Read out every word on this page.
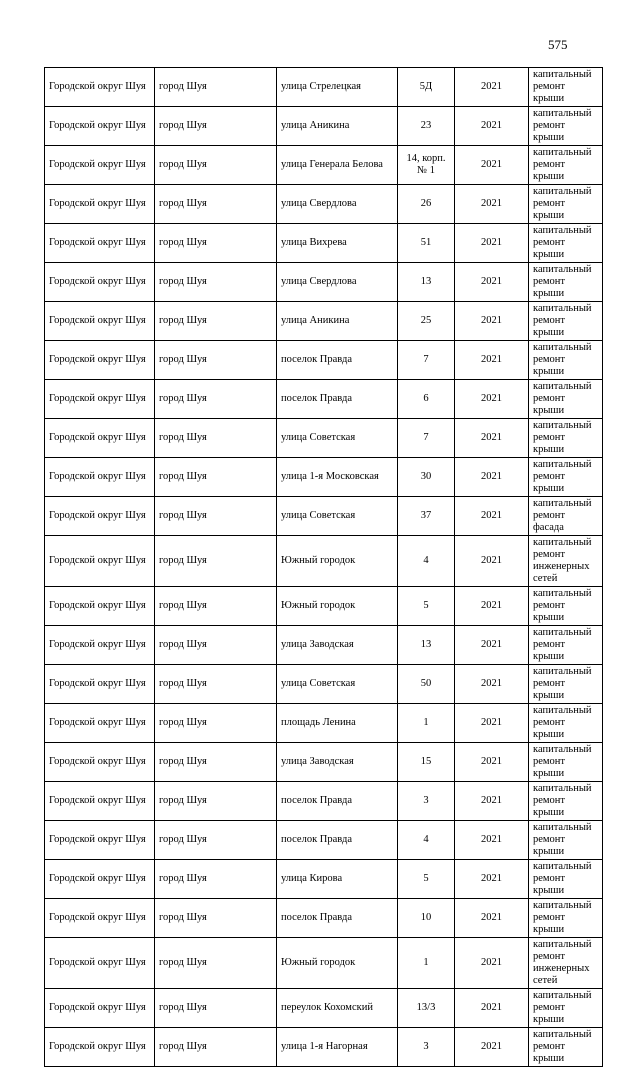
575
Городской округ Шуя	город Шуя	улица Стрелецкая	5Д	2021	капитальный ремонт крыши
Городской округ Шуя	город Шуя	улица Аникина	23	2021	капитальный ремонт крыши
Городской округ Шуя	город Шуя	улица Генерала Белова	14, корп. № 1	2021	капитальный ремонт крыши
Городской округ Шуя	город Шуя	улица Свердлова	26	2021	капитальный ремонт крыши
Городской округ Шуя	город Шуя	улица Вихрева	51	2021	капитальный ремонт крыши
Городской округ Шуя	город Шуя	улица Свердлова	13	2021	капитальный ремонт крыши
Городской округ Шуя	город Шуя	улица Аникина	25	2021	капитальный ремонт крыши
Городской округ Шуя	город Шуя	поселок Правда	7	2021	капитальный ремонт крыши
Городской округ Шуя	город Шуя	поселок Правда	6	2021	капитальный ремонт крыши
Городской округ Шуя	город Шуя	улица Советская	7	2021	капитальный ремонт крыши
Городской округ Шуя	город Шуя	улица 1-я Московская	30	2021	капитальный ремонт крыши
Городской округ Шуя	город Шуя	улица Советская	37	2021	капитальный ремонт фасада
Городской округ Шуя	город Шуя	Южный городок	4	2021	капитальный ремонт инженерных сетей
Городской округ Шуя	город Шуя	Южный городок	5	2021	капитальный ремонт крыши
Городской округ Шуя	город Шуя	улица Заводская	13	2021	капитальный ремонт крыши
Городской округ Шуя	город Шуя	улица Советская	50	2021	капитальный ремонт крыши
Городской округ Шуя	город Шуя	площадь Ленина	1	2021	капитальный ремонт крыши
Городской округ Шуя	город Шуя	улица Заводская	15	2021	капитальный ремонт крыши
Городской округ Шуя	город Шуя	поселок Правда	3	2021	капитальный ремонт крыши
Городской округ Шуя	город Шуя	поселок Правда	4	2021	капитальный ремонт крыши
Городской округ Шуя	город Шуя	улица Кирова	5	2021	капитальный ремонт крыши
Городской округ Шуя	город Шуя	поселок Правда	10	2021	капитальный ремонт крыши
Городской округ Шуя	город Шуя	Южный городок	1	2021	капитальный ремонт инженерных сетей
Городской округ Шуя	город Шуя	переулок Кохомский	13/3	2021	капитальный ремонт крыши
Городской округ Шуя	город Шуя	улица 1-я Нагорная	3	2021	капитальный ремонт крыши
